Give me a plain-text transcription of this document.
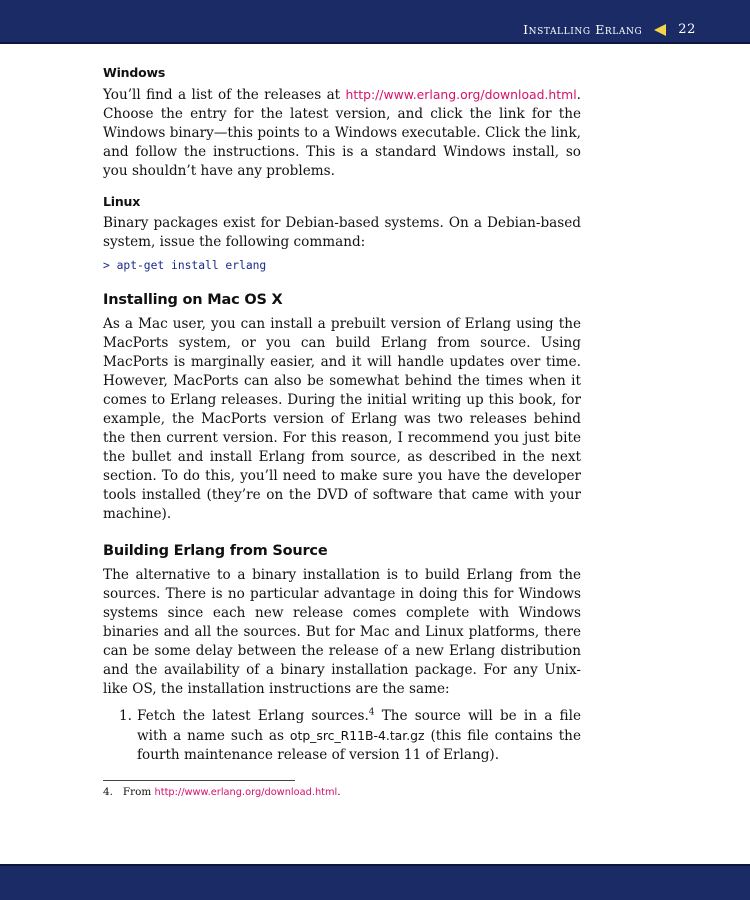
Installing Erlang	22
Windows

You’ll find a list of the releases at http://www.erlang.org/download.html. Choose the entry for the latest version, and click the link for the Windows binary—this points to a Windows executable. Click the link, and follow the instructions. This is a standard Windows install, so you shouldn’t have any problems.

Linux

Binary packages exist for Debian-based systems. On a Debian-based system, issue the following command:

> apt-get install erlang
Installing on Mac OS X

As a Mac user, you can install a prebuilt version of Erlang using the MacPorts system, or you can build Erlang from source. Using MacPorts is marginally easier, and it will handle updates over time. However, MacPorts can also be somewhat behind the times when it comes to Erlang releases. During the initial writing up this book, for example, the MacPorts version of Erlang was two releases behind the then current version. For this reason, I recommend you just bite the bullet and install Erlang from source, as described in the next section. To do this, you’ll need to make sure you have the developer tools installed (they’re on the DVD of software that came with your machine).

Building Erlang from Source

The alternative to a binary installation is to build Erlang from the sources. There is no particular advantage in doing this for Windows systems since each new release comes complete with Windows binaries and all the sources. But for Mac and Linux platforms, there can be some delay between the release of a new Erlang distribution and the availability of a binary installation package. For any Unix-like OS, the installation instructions are the same:

1. Fetch the latest Erlang sources.$^4$ The source will be in a file with a name such as otp_src_R11B-4.tar.gz (this file contains the fourth maintenance release of version 11 of Erlang).
4. From http://www.erlang.org/download.html.
